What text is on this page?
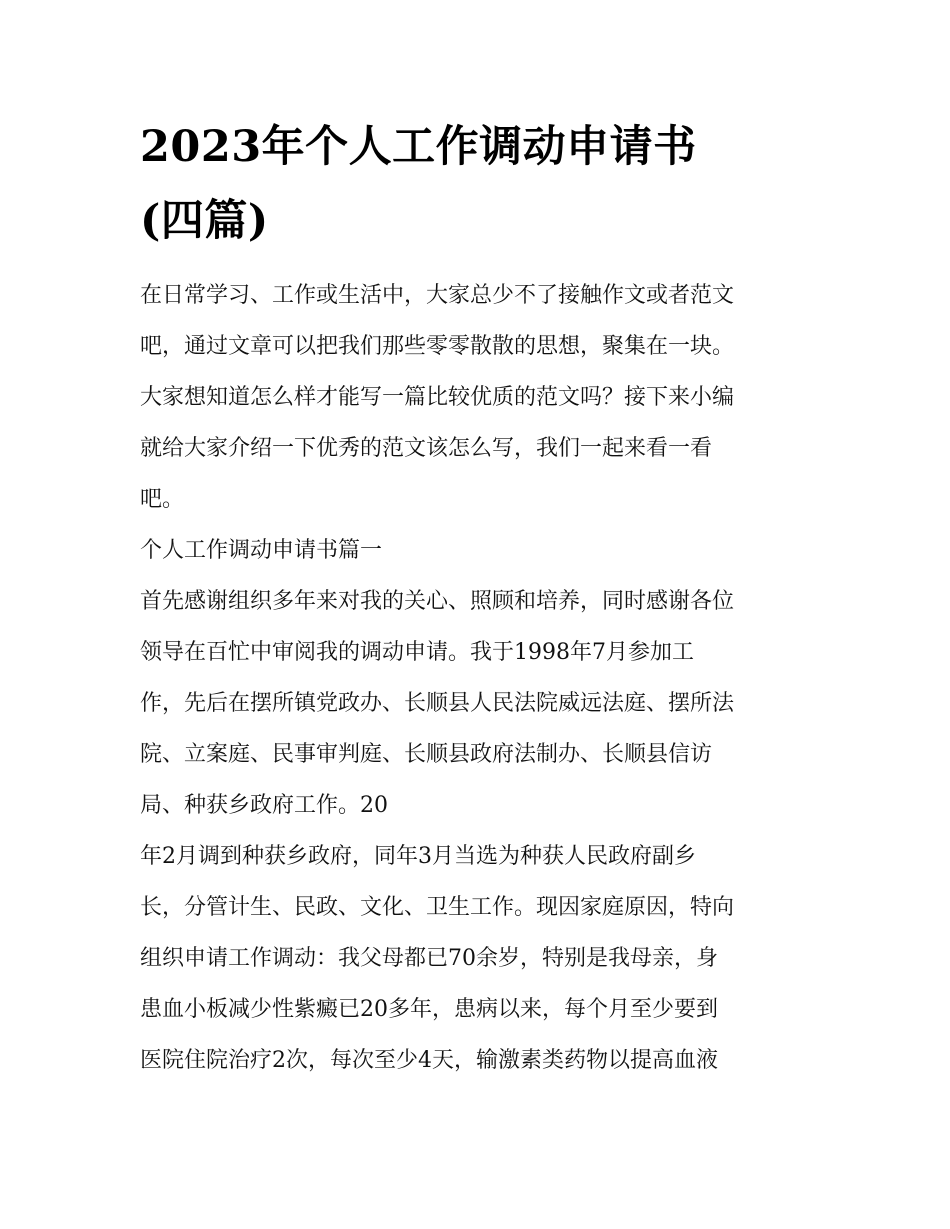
2023年个人工作调动申请书
(四篇)
在日常学习、工作或生活中，大家总少不了接触作文或者范文
吧，通过文章可以把我们那些零零散散的思想，聚集在一块。
大家想知道怎么样才能写一篇比较优质的范文吗？接下来小编
就给大家介绍一下优秀的范文该怎么写，我们一起来看一看
吧。
个人工作调动申请书篇一
首先感谢组织多年来对我的关心、照顾和培养，同时感谢各位
领导在百忙中审阅我的调动申请。我于1998年7月参加工
作，先后在摆所镇党政办、长顺县人民法院威远法庭、摆所法
院、立案庭、民事审判庭、长顺县政府法制办、长顺县信访
局、种获乡政府工作。20
年2月调到种获乡政府，同年3月当选为种获人民政府副乡
长，分管计生、民政、文化、卫生工作。现因家庭原因，特向
组织申请工作调动：我父母都已70余岁，特别是我母亲，身
患血小板减少性紫癜已20多年，患病以来，每个月至少要到
医院住院治疗2次，每次至少4天，输激素类药物以提高血液
